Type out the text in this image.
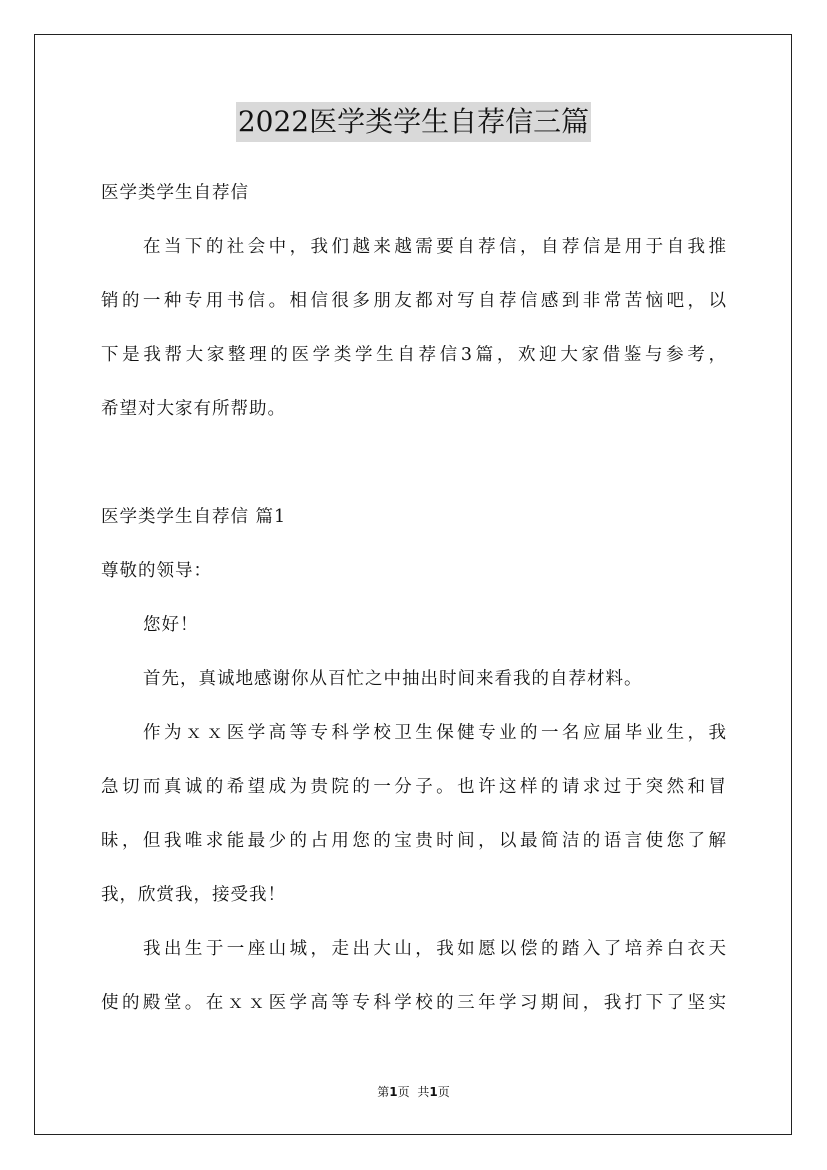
2022医学类学生自荐信三篇
医学类学生自荐信
在当下的社会中，我们越来越需要自荐信，自荐信是用于自我推
销的一种专用书信。相信很多朋友都对写自荐信感到非常苦恼吧，以
下是我帮大家整理的医学类学生自荐信3篇，欢迎大家借鉴与参考，
希望对大家有所帮助。
医学类学生自荐信 篇1
尊敬的领导：
您好！
首先，真诚地感谢你从百忙之中抽出时间来看我的自荐材料。
作为ｘｘ医学高等专科学校卫生保健专业的一名应届毕业生，我
急切而真诚的希望成为贵院的一分子。也许这样的请求过于突然和冒
昧，但我唯求能最少的占用您的宝贵时间，以最简洁的语言使您了解
我，欣赏我，接受我！
我出生于一座山城，走出大山，我如愿以偿的踏入了培养白衣天
使的殿堂。在ｘｘ医学高等专科学校的三年学习期间，我打下了坚实
第1页 共1页
